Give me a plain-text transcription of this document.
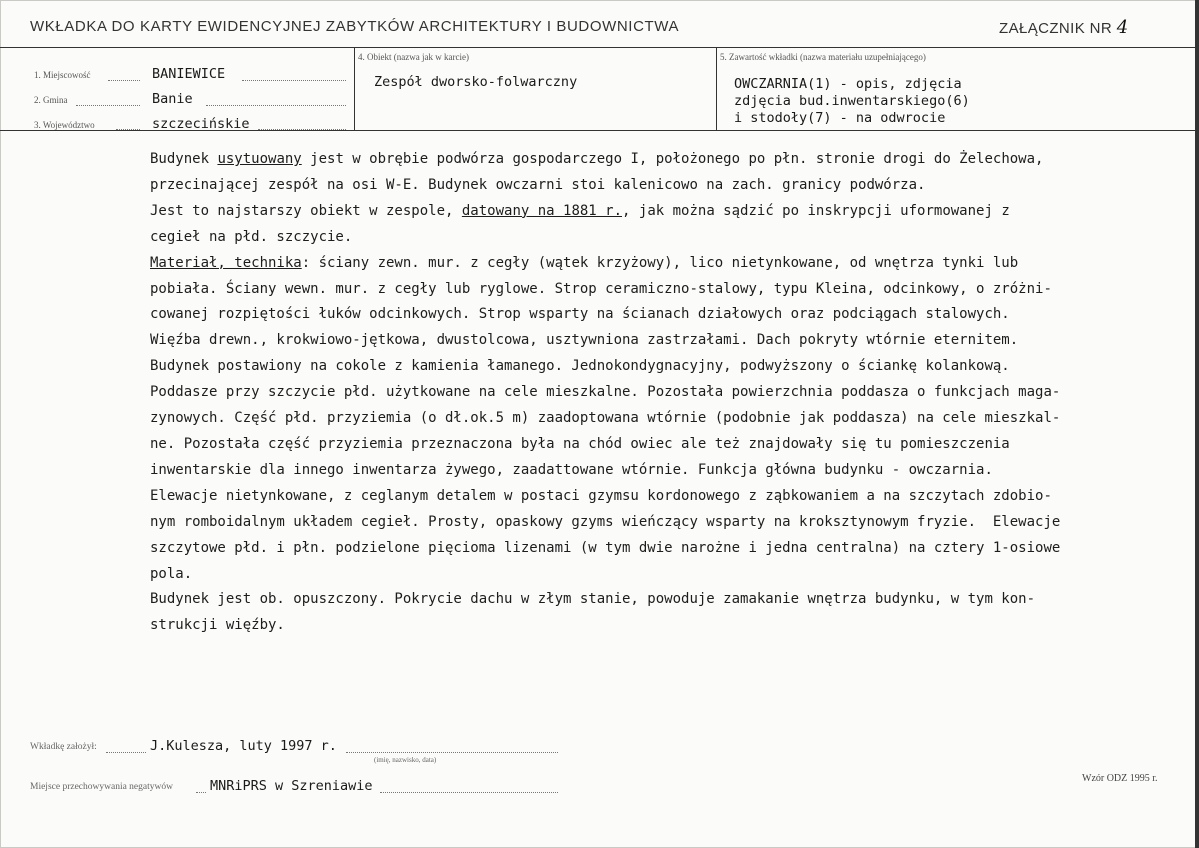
WKŁADKA DO KARTY EWIDENCYJNEJ ZABYTKÓW ARCHITEKTURY I BUDOWNICTWA	ZAŁĄCZNIK NR 4
1. Miejscowość	BANIEWICE
2. Gmina	Banie
3. Województwo	szczecińskie
4. Obiekt (nazwa jak w karcie)
Zespół dworsko-folwarczny
5. Zawartość wkładki (nazwa materiału uzupełniającego)
OWCZARNIA(1) - opis, zdjęcia
zdjęcia bud.inwentarskiego(6)
i stodoły(7) - na odwrocie
Budynek usytuowany jest w obrębie podwórza gospodarczego I, położonego po płn. stronie drogi do Żelechowa,
przecinającej zespół na osi W-E. Budynek owczarni stoi kalenicowo na zach. granicy podwórza.
Jest to najstarszy obiekt w zespole, datowany na 1881 r., jak można sądzić po inskrypcji uformowanej z
cegieł na płd. szczycie.
Materiał, technika: ściany zewn. mur. z cegły (wątek krzyżowy), lico nietynkowane, od wnętrza tynki lub
pobiała. Ściany wewn. mur. z cegły lub ryglowe. Strop ceramiczno-stalowy, typu Kleina, odcinkowy, o zróżni-
cowanej rozpiętości łuków odcinkowych. Strop wsparty na ścianach działowych oraz podciągach stalowych.
Więźba drewn., krokwiowo-jętkowa, dwustolcowa, usztywniona zastrzałami. Dach pokryty wtórnie eternitem.
Budynek postawiony na cokole z kamienia łamanego. Jednokondygnacyjny, podwyższony o ściankę kolankową.
Poddasze przy szczycie płd. użytkowane na cele mieszkalne. Pozostała powierzchnia poddasza o funkcjach maga-
zynowych. Część płd. przyziemia (o dł.ok.5 m) zaadoptowana wtórnie (podobnie jak poddasza) na cele mieszkal-
ne. Pozostała część przyziemia przeznaczona była na chód owiec ale też znajdowały się tu pomieszczenia
inwentarskie dla innego inwentarza żywego, zaadattowane wtórnie. Funkcja główna budynku - owczarnia.
Elewacje nietynkowane, z ceglanym detalem w postaci gzymsu kordonowego z ząbkowaniem a na szczytach zdobio-
nym romboidalnym układem cegieł. Prosty, opaskowy gzyms wieńczący wsparty na kroksztynowym fryzie.  Elewacje
szczytowe płd. i płn. podzielone pięcioma lizenami (w tym dwie narożne i jedna centralna) na cztery 1-osiowe
pola.
Budynek jest ob. opuszczony. Pokrycie dachu w złym stanie, powoduje zamakanie wnętrza budynku, w tym kon-
strukcji więźby.
Wkładkę założył:	J.Kulesza, luty 1997 r.
(imię, nazwisko, data)
Miejsce przechowywania negatywów	MNRiPRS w Szreniawie	Wzór ODZ 1995 r.
